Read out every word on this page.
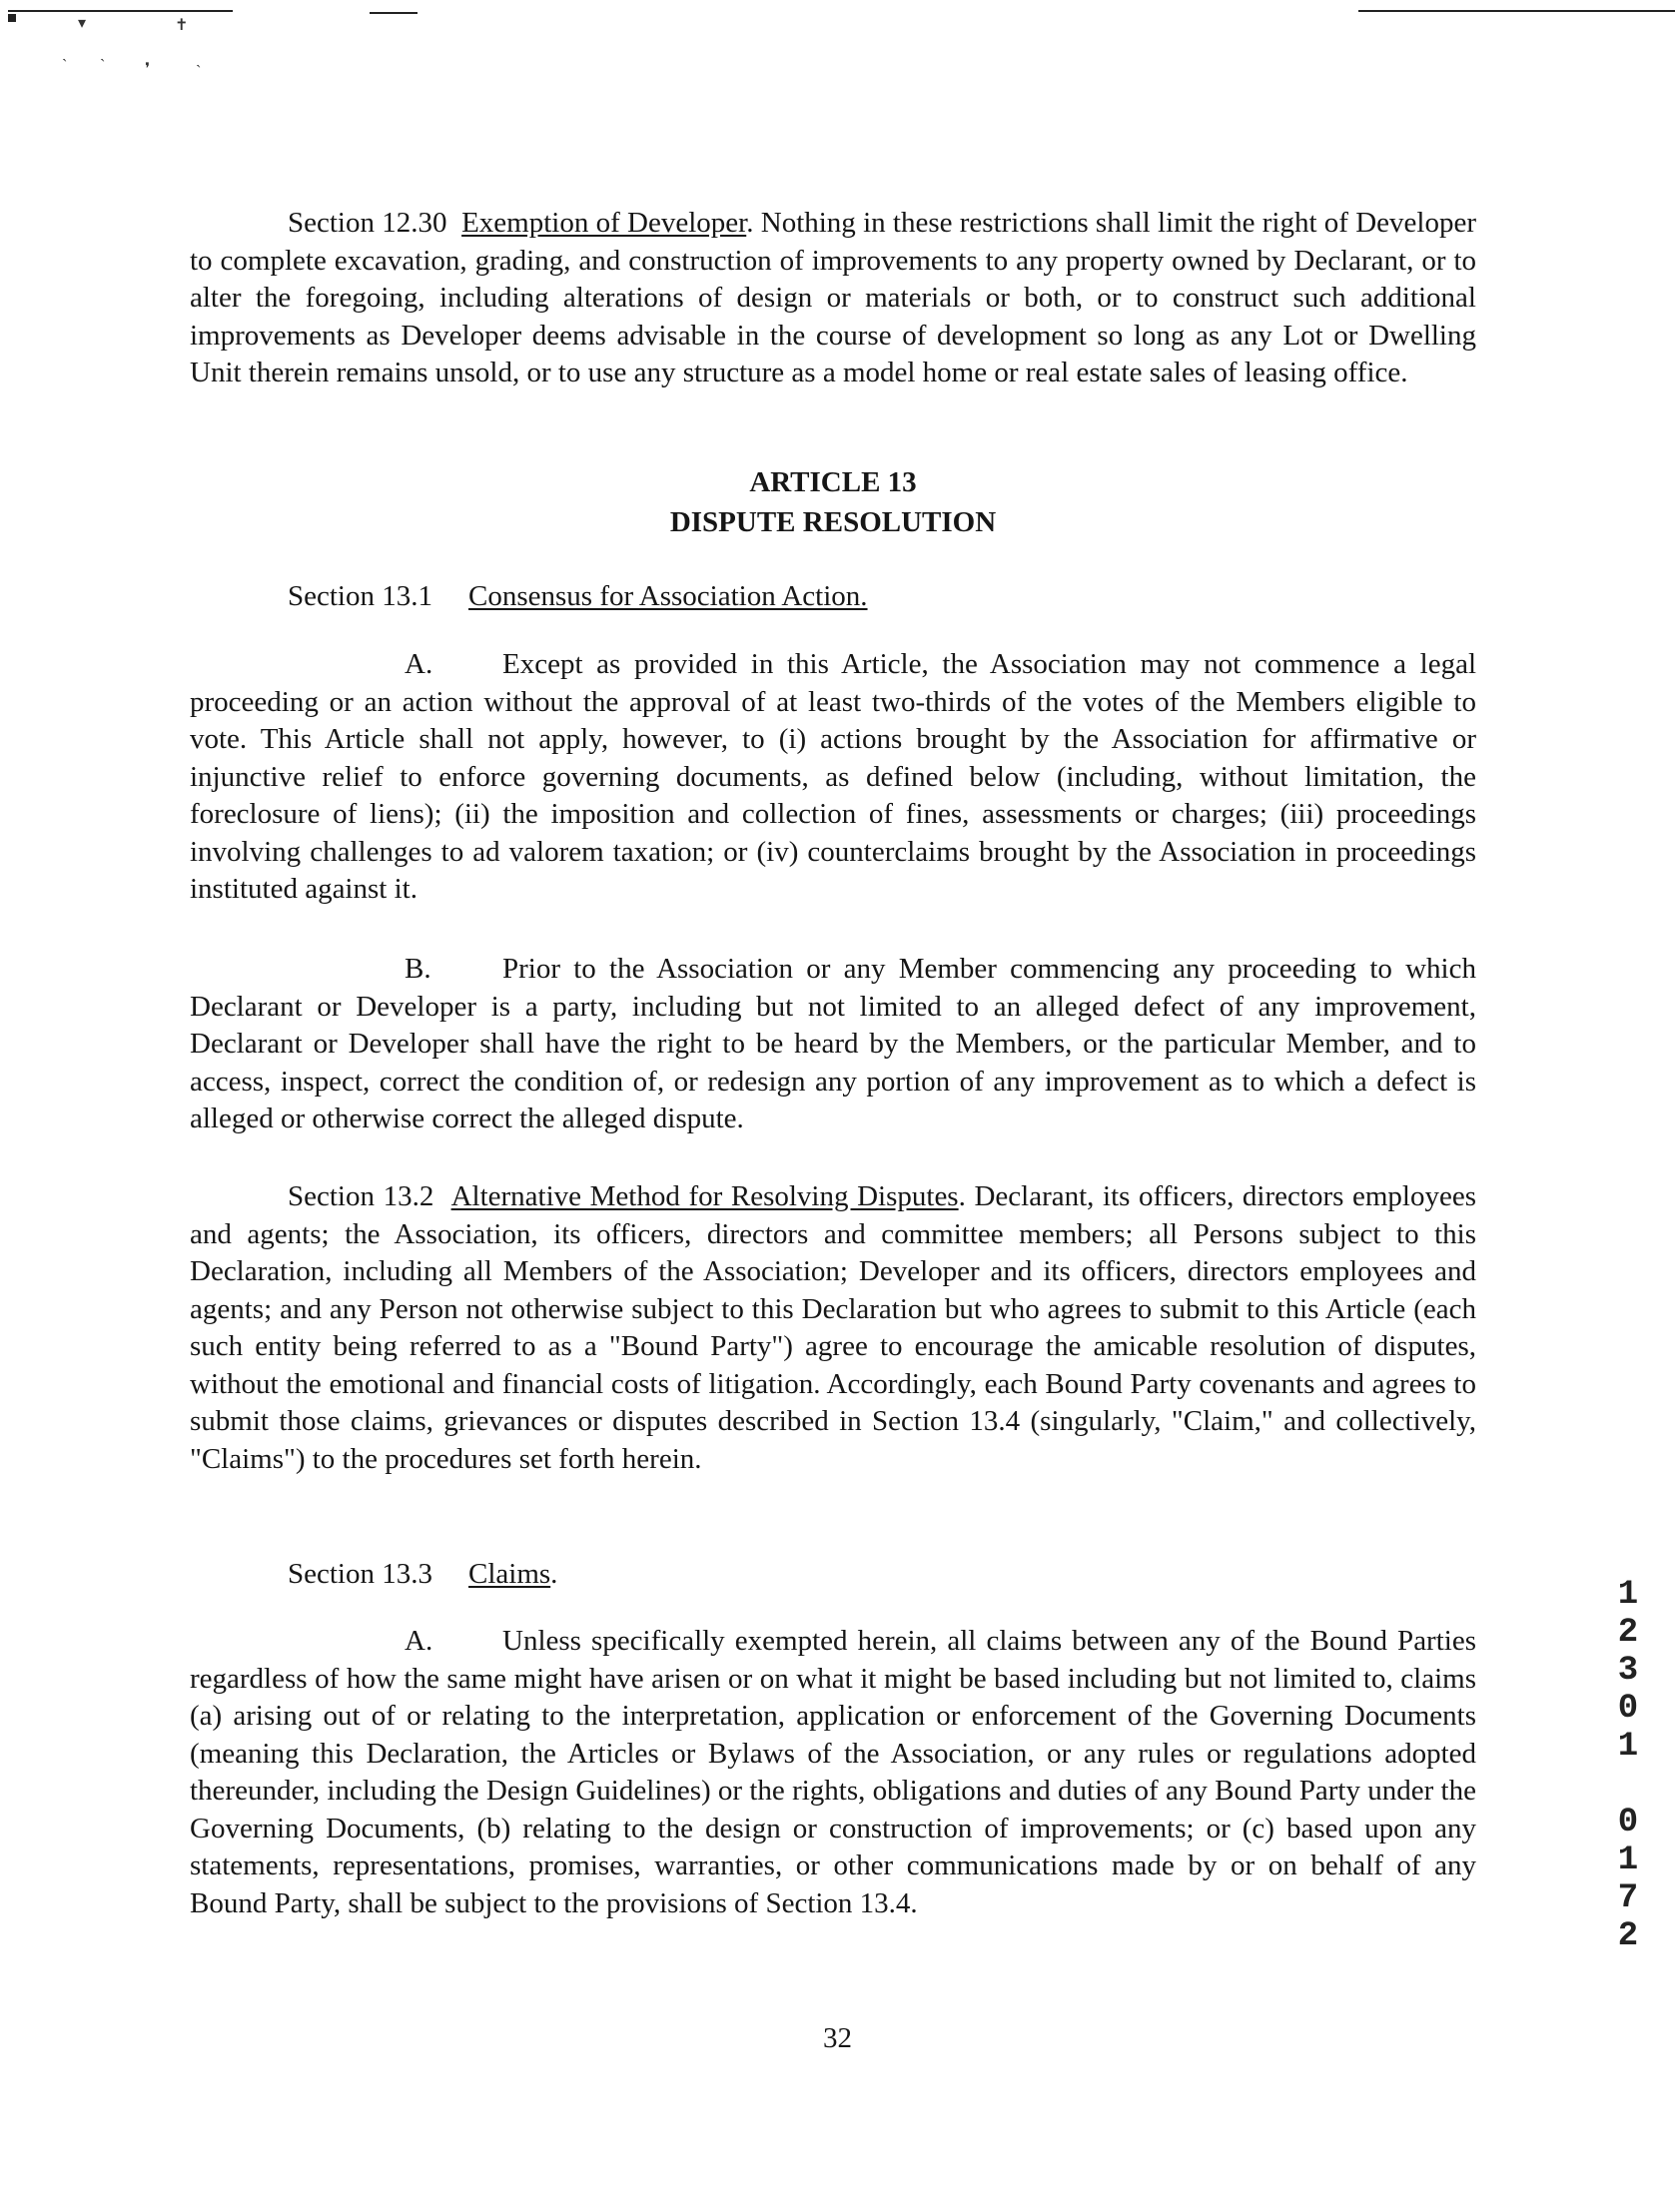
▾	✝
` ` ❜	`
Section 12.30 Exemption of Developer. Nothing in these restrictions shall limit the right of Developer to complete excavation, grading, and construction of improvements to any property owned by Declarant, or to alter the foregoing, including alterations of design or materials or both, or to construct such additional improvements as Developer deems advisable in the course of development so long as any Lot or Dwelling Unit therein remains unsold, or to use any structure as a model home or real estate sales of leasing office.
ARTICLE 13
DISPUTE RESOLUTION
Section 13.1 Consensus for Association Action.
A. Except as provided in this Article, the Association may not commence a legal proceeding or an action without the approval of at least two-thirds of the votes of the Members eligible to vote. This Article shall not apply, however, to (i) actions brought by the Association for affirmative or injunctive relief to enforce governing documents, as defined below (including, without limitation, the foreclosure of liens); (ii) the imposition and collection of fines, assessments or charges; (iii) proceedings involving challenges to ad valorem taxation; or (iv) counterclaims brought by the Association in proceedings instituted against it.
B. Prior to the Association or any Member commencing any proceeding to which Declarant or Developer is a party, including but not limited to an alleged defect of any improvement, Declarant or Developer shall have the right to be heard by the Members, or the particular Member, and to access, inspect, correct the condition of, or redesign any portion of any improvement as to which a defect is alleged or otherwise correct the alleged dispute.
Section 13.2 Alternative Method for Resolving Disputes. Declarant, its officers, directors employees and agents; the Association, its officers, directors and committee members; all Persons subject to this Declaration, including all Members of the Association; Developer and its officers, directors employees and agents; and any Person not otherwise subject to this Declaration but who agrees to submit to this Article (each such entity being referred to as a "Bound Party") agree to encourage the amicable resolution of disputes, without the emotional and financial costs of litigation. Accordingly, each Bound Party covenants and agrees to submit those claims, grievances or disputes described in Section 13.4 (singularly, "Claim," and collectively, "Claims") to the procedures set forth herein.
Section 13.3 Claims.
A. Unless specifically exempted herein, all claims between any of the Bound Parties regardless of how the same might have arisen or on what it might be based including but not limited to, claims (a) arising out of or relating to the interpretation, application or enforcement of the Governing Documents (meaning this Declaration, the Articles or Bylaws of the Association, or any rules or regulations adopted thereunder, including the Design Guidelines) or the rights, obligations and duties of any Bound Party under the Governing Documents, (b) relating to the design or construction of improvements; or (c) based upon any statements, representations, promises, warranties, or other communications made by or on behalf of any Bound Party, shall be subject to the provisions of Section 13.4.
32
1
2
3
0
1
0
1
7
2
